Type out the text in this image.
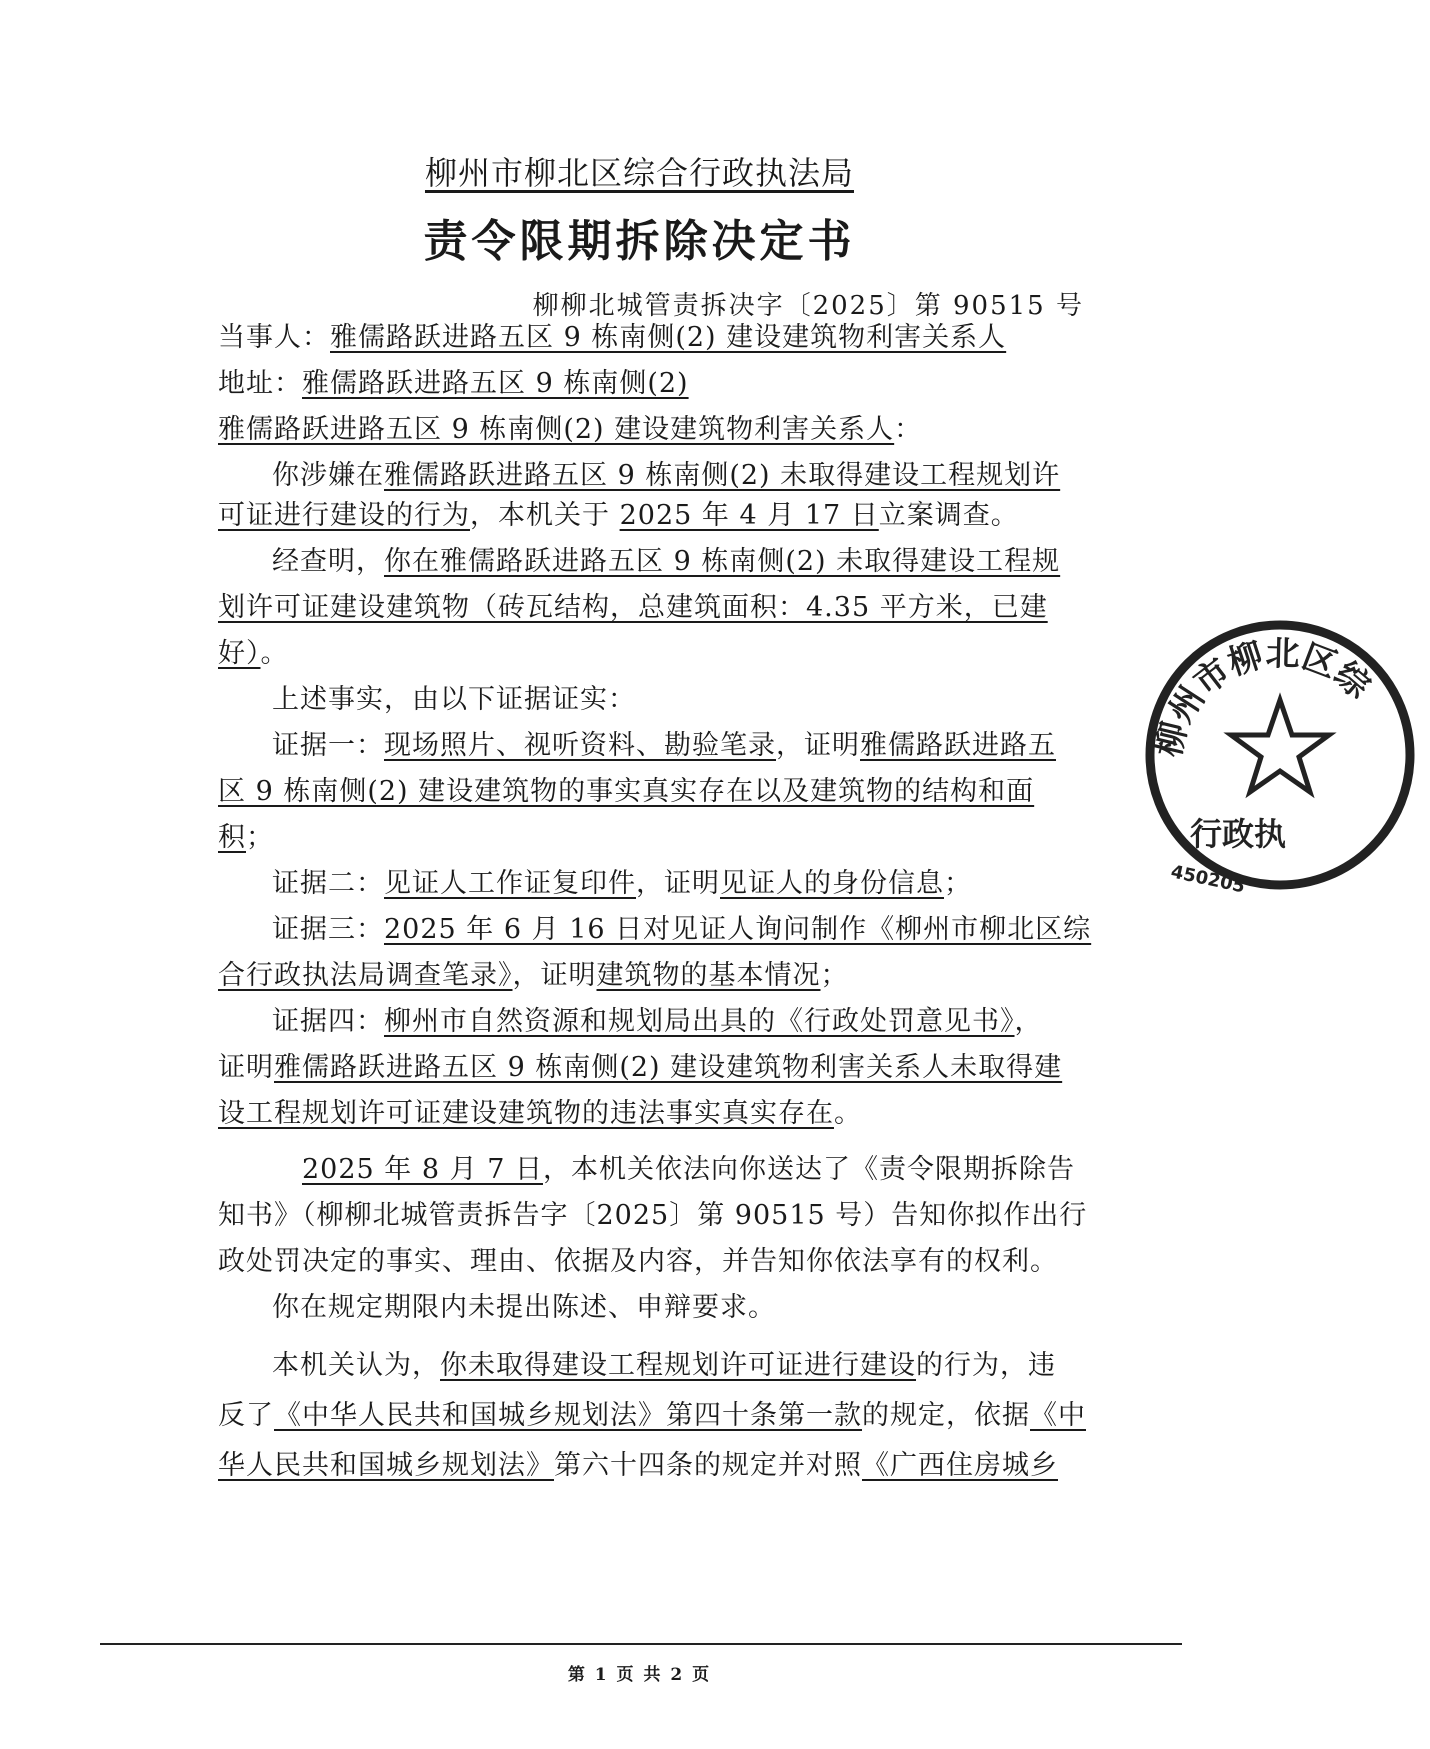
柳州市柳北区综合行政执法局
责令限期拆除决定书
柳柳北城管责拆决字〔2025〕第 90515 号
当事人：雅儒路跃进路五区 9 栋南侧(2) 建设建筑物利害关系人
地址：雅儒路跃进路五区 9 栋南侧(2)
雅儒路跃进路五区 9 栋南侧(2) 建设建筑物利害关系人：
你涉嫌在雅儒路跃进路五区 9 栋南侧(2) 未取得建设工程规划许
可证进行建设的行为，本机关于 2025 年 4 月 17 日立案调查。
经查明，你在雅儒路跃进路五区 9 栋南侧(2) 未取得建设工程规
划许可证建设建筑物（砖瓦结构，总建筑面积：4.35 平方米，已建
好）。
上述事实，由以下证据证实：
证据一：现场照片、视听资料、勘验笔录，证明雅儒路跃进路五
区 9 栋南侧(2) 建设建筑物的事实真实存在以及建筑物的结构和面
积；
证据二：见证人工作证复印件，证明见证人的身份信息；
证据三：2025 年 6 月 16 日对见证人询问制作《柳州市柳北区综
合行政执法局调查笔录》，证明建筑物的基本情况；
证据四：柳州市自然资源和规划局出具的《行政处罚意见书》，
证明雅儒路跃进路五区 9 栋南侧(2) 建设建筑物利害关系人未取得建
设工程规划许可证建设建筑物的违法事实真实存在。
2025 年 8 月 7 日，本机关依法向你送达了《责令限期拆除告
知书》（柳柳北城管责拆告字〔2025〕第 90515 号）告知你拟作出行
政处罚决定的事实、理由、依据及内容，并告知你依法享有的权利。
你在规定期限内未提出陈述、申辩要求。
本机关认为，你未取得建设工程规划许可证进行建设的行为，违
反了《中华人民共和国城乡规划法》第四十条第一款的规定，依据《中
华人民共和国城乡规划法》第六十四条的规定并对照《广西住房城乡
第 1 页 共 2 页
柳州市柳北区综
行政执
450205
